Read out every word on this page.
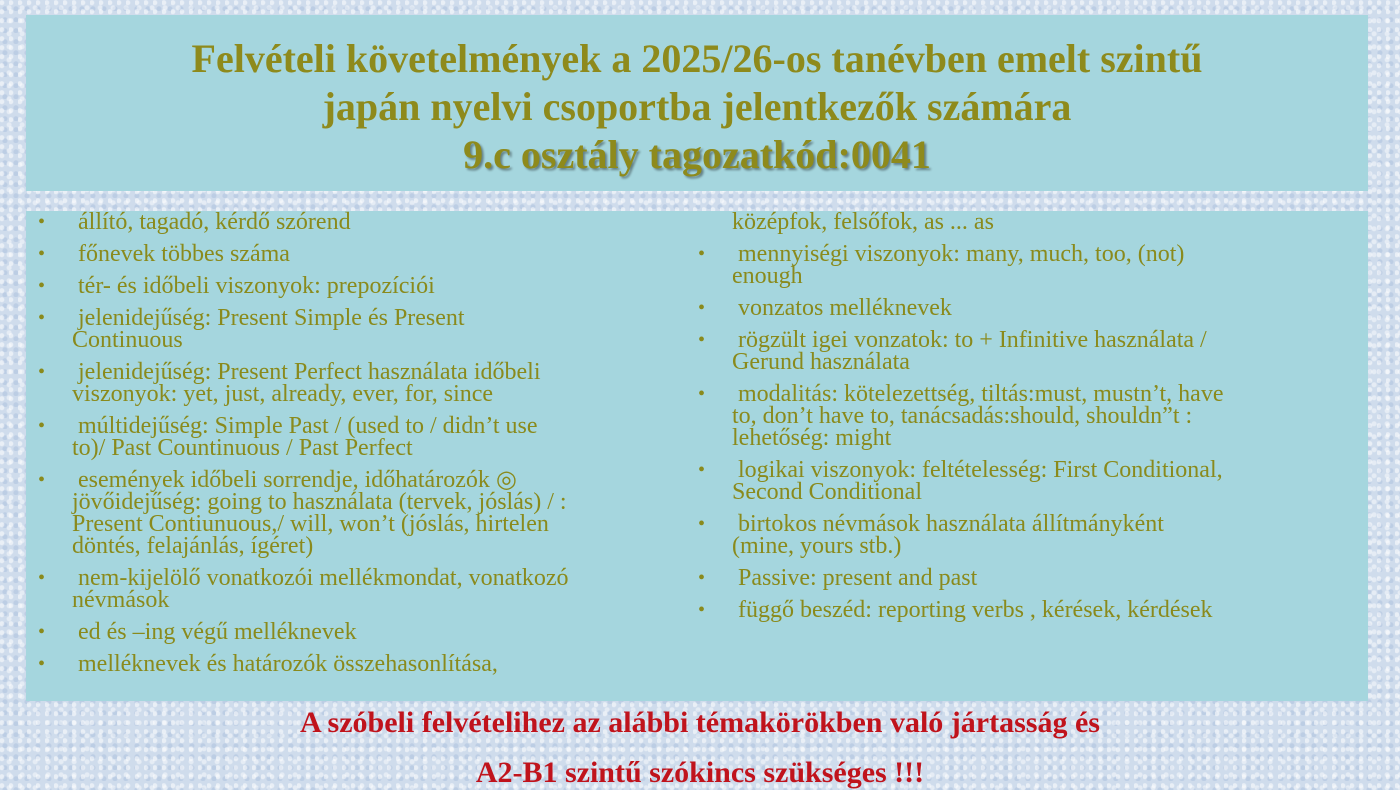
Felvételi követelmények a 2025/26-os tanévben emelt szintű
japán nyelvi csoportba jelentkezők számára
9.c osztály tagozatkód:0041
• állító, tagadó, kérdő szórend
• főnevek többes száma
• tér- és időbeli viszonyok: prepozíciói
• jelenidejűség: Present Simple és Present
Continuous
• jelenidejűség: Present Perfect használata időbeli
viszonyok: yet, just, already, ever, for, since
• múltidejűség: Simple Past / (used to / didn’t use
to)/ Past Countinuous / Past Perfect
• események időbeli sorrendje, időhatározók ◎
jövőidejűség: going to használata (tervek, jóslás) / :
Present Contiunuous,/ will, won’t (jóslás, hirtelen
döntés, felajánlás, ígéret)
• nem-kijelölő vonatkozói mellékmondat, vonatkozó
névmások
• ed és –ing végű melléknevek
• melléknevek és határozók összehasonlítása,
középfok, felsőfok, as ... as
• mennyiségi viszonyok: many, much, too, (not)
enough
• vonzatos melléknevek
• rögzült igei vonzatok: to + Infinitive használata /
Gerund használata
• modalitás: kötelezettség, tiltás:must, mustn’t, have
to, don’t have to, tanácsadás:should, shouldn”t :
lehetőség: might
• logikai viszonyok: feltételesség: First Conditional,
Second Conditional
• birtokos névmások használata állítmányként
(mine, yours stb.)
• Passive: present and past
• függő beszéd: reporting verbs , kérések, kérdések
A szóbeli felvételihez az alábbi témakörökben való jártasság és
A2-B1 szintű szókincs szükséges !!!
